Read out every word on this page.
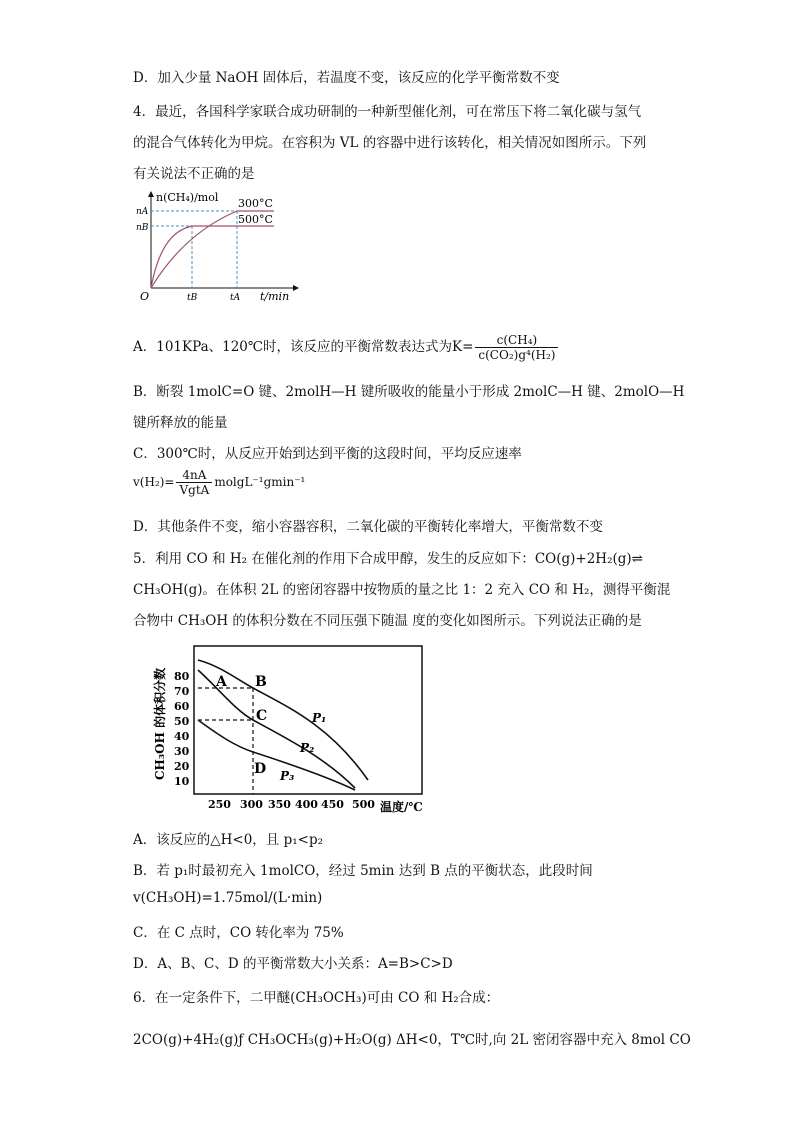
D．加入少量 NaOH 固体后，若温度不变，该反应的化学平衡常数不变
4．最近，各国科学家联合成功研制的一种新型催化剂，可在常压下将二氧化碳与氢气
的混合气体转化为甲烷。在容积为 VL 的容器中进行该转化，相关情况如图所示。下列
有关说法不正确的是
n(CH₄)/mol
t/min
O
nA
nB
tB	tA
300°C
500°C
A．101KPa、120℃时，该反应的平衡常数表达式为$K= \frac{\text{c(CH₄)}}{\text{c(CO₂)g⁴(H₂)}}$
B．断裂 1molC=O 键、2molH—H 键所吸收的能量小于形成 2molC—H 键、2molO—H
键所释放的能量
C．300℃时，从反应开始到达到平衡的这段时间，平均反应速率
$v(H_2)= \frac{4nA}{\text{VgtA}} molgL^{-1}gmin^{-1}$
D．其他条件不变，缩小容器容积，二氧化碳的平衡转化率增大，平衡常数不变
5．利用 CO 和 H₂ 在催化剂的作用下合成甲醇，发生的反应如下：CO(g)+2H₂(g)⇌
CH₃OH(g)。在体积 2L 的密闭容器中按物质的量之比 1：2 充入 CO 和 H₂，测得平衡混
合物中 CH₃OH 的体积分数在不同压强下随温 度的变化如图所示。下列说法正确的是
CH₃OH 的体积分数 80
70
60
50
40
30
20
10
250 300 350 400 450 500 温度/℃
A B
C
D
P₁
P₂
P₃
A．该反应的△H<0，且 p₁<p₂
B．若 p₁时最初充入 1molCO，经过 5min 达到 B 点的平衡状态，此段时间
v(CH₃OH)=1.75mol/(L·min)
C．在 C 点时，CO 转化率为 75%
D．A、B、C、D 的平衡常数大小关系：A=B>C>D
6．在一定条件下，二甲醚(CH₃OCH₃)可由 CO 和 H₂合成：
2CO(g)+4H₂(g)ƒ CH₃OCH₃(g)+H₂O(g) ΔH<0，T℃时,向 2L 密闭容器中充入 8mol CO
